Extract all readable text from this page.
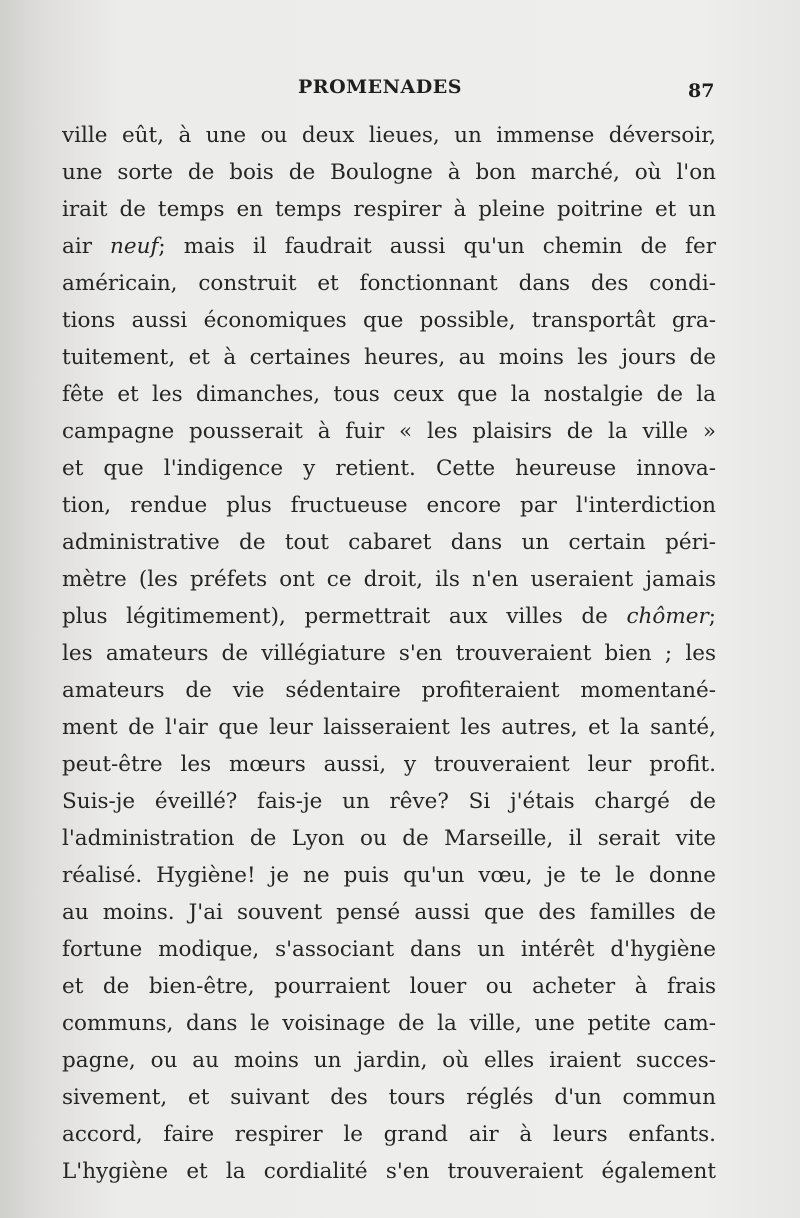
PROMENADES	87
ville eût, à une ou deux lieues, un immense déversoir,
une sorte de bois de Boulogne à bon marché, où l'on
irait de temps en temps respirer à pleine poitrine et un
air neuf; mais il faudrait aussi qu'un chemin de fer
américain, construit et fonctionnant dans des condi-
tions aussi économiques que possible, transportât gra-
tuitement, et à certaines heures, au moins les jours de
fête et les dimanches, tous ceux que la nostalgie de la
campagne pousserait à fuir « les plaisirs de la ville »
et que l'indigence y retient. Cette heureuse innova-
tion, rendue plus fructueuse encore par l'interdiction
administrative de tout cabaret dans un certain péri-
mètre (les préfets ont ce droit, ils n'en useraient jamais
plus légitimement), permettrait aux villes de chômer;
les amateurs de villégiature s'en trouveraient bien ; les
amateurs de vie sédentaire profiteraient momentané-
ment de l'air que leur laisseraient les autres, et la santé,
peut-être les mœurs aussi, y trouveraient leur profit.
Suis-je éveillé? fais-je un rêve? Si j'étais chargé de
l'administration de Lyon ou de Marseille, il serait vite
réalisé. Hygiène! je ne puis qu'un vœu, je te le donne
au moins. J'ai souvent pensé aussi que des familles de
fortune modique, s'associant dans un intérêt d'hygiène
et de bien-être, pourraient louer ou acheter à frais
communs, dans le voisinage de la ville, une petite cam-
pagne, ou au moins un jardin, où elles iraient succes-
sivement, et suivant des tours réglés d'un commun
accord, faire respirer le grand air à leurs enfants.
L'hygiène et la cordialité s'en trouveraient également
